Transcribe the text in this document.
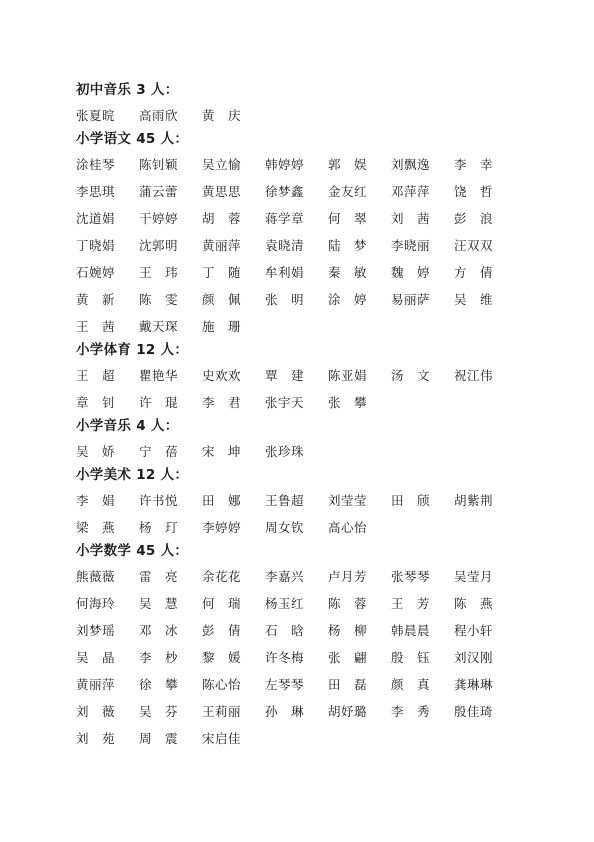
初中音乐 3 人：
张夏晥	高雨欣	黄　庆
小学语文 45 人：
涂桂琴	陈钊颖	吴立愉	韩婷婷	郭　娱	刘飘逸	李　幸
李思琪	蒲云蕾	黄思思	徐梦鑫	金友红	邓萍萍	饶　哲
沈道娟	干婷婷	胡　蓉	蒋学章	何　翠	刘　茜	彭　浪
丁晓娟	沈郭明	黄丽萍	袁晓清	陆　梦	李晓丽	汪双双
石婉婷	王　玮	丁　随	牟利娟	秦　敏	魏　婷	方　倩
黄　新	陈　雯	颜　佩	张　明	涂　婷	易丽萨	吴　维
王　茜	戴天琛	施　珊
小学体育 12 人：
王　超	瞿艳华	史欢欢	覃　建	陈亚娟	汤　文	祝江伟
章　钊	许　琨	李　君	张宇天	张　攀
小学音乐 4 人：
吴　娇	宁　蓓	宋　坤	张珍珠
小学美术 12 人：
李　娟	许书悦	田　娜	王鲁超	刘莹莹	田　颀	胡紫荆
梁　燕	杨　玎	李婷婷	周女钦	高心怡
小学数学 45 人：
熊薇薇	雷　亮	余花花	李嘉兴	卢月芳	张琴琴	吴莹月
何海玲	吴　慧	何　瑞	杨玉红	陈　蓉	王　芳	陈　燕
刘梦瑶	邓　冰	彭　倩	石　晗	杨　柳	韩晨晨	程小轩
吴　晶	李　杪	黎　媛	许冬梅	张　翩	殷　钰	刘汉刚
黄丽萍	徐　攀	陈心怡	左琴琴	田　磊	颜　真	龚琳琳
刘　薇	吴　芬	王莉丽	孙　琳	胡妤璐	李　秀	殷佳琦
刘　苑	周　震	宋启佳
